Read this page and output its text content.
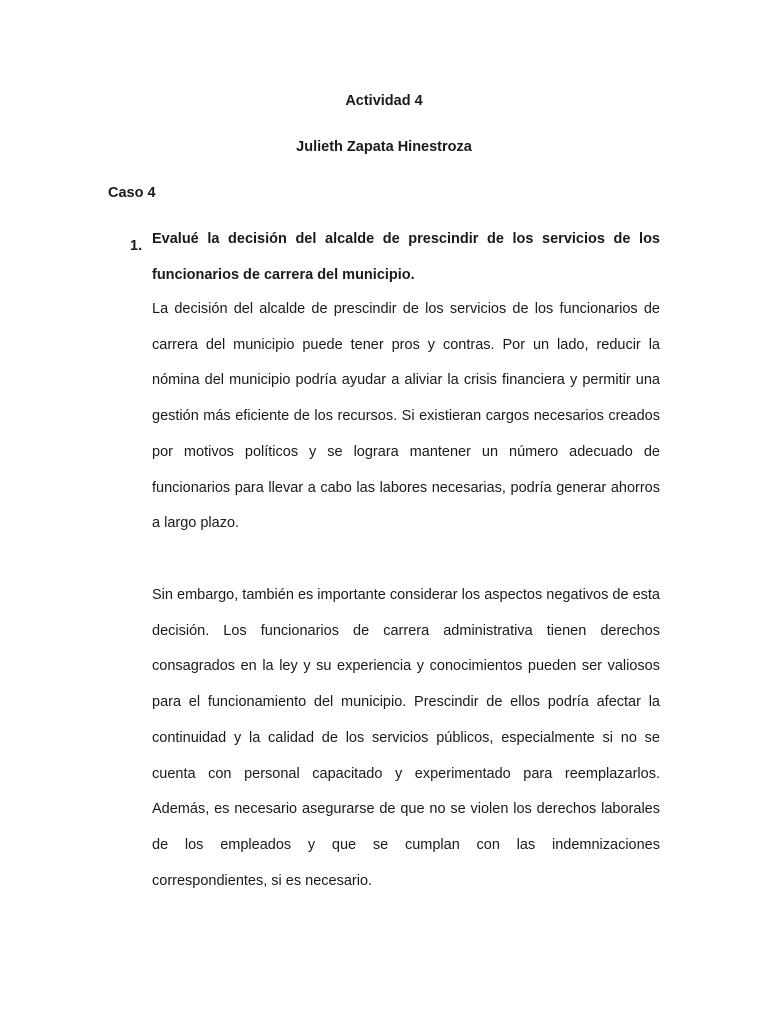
Actividad 4
Julieth Zapata Hinestroza
Caso 4
1. Evalué la decisión del alcalde de prescindir de los servicios de los funcionarios de carrera del municipio.

La decisión del alcalde de prescindir de los servicios de los funcionarios de carrera del municipio puede tener pros y contras. Por un lado, reducir la nómina del municipio podría ayudar a aliviar la crisis financiera y permitir una gestión más eficiente de los recursos. Si existieran cargos necesarios creados por motivos políticos y se lograra mantener un número adecuado de funcionarios para llevar a cabo las labores necesarias, podría generar ahorros a largo plazo.

Sin embargo, también es importante considerar los aspectos negativos de esta decisión. Los funcionarios de carrera administrativa tienen derechos consagrados en la ley y su experiencia y conocimientos pueden ser valiosos para el funcionamiento del municipio. Prescindir de ellos podría afectar la continuidad y la calidad de los servicios públicos, especialmente si no se cuenta con personal capacitado y experimentado para reemplazarlos. Además, es necesario asegurarse de que no se violen los derechos laborales de los empleados y que se cumplan con las indemnizaciones correspondientes, si es necesario.
